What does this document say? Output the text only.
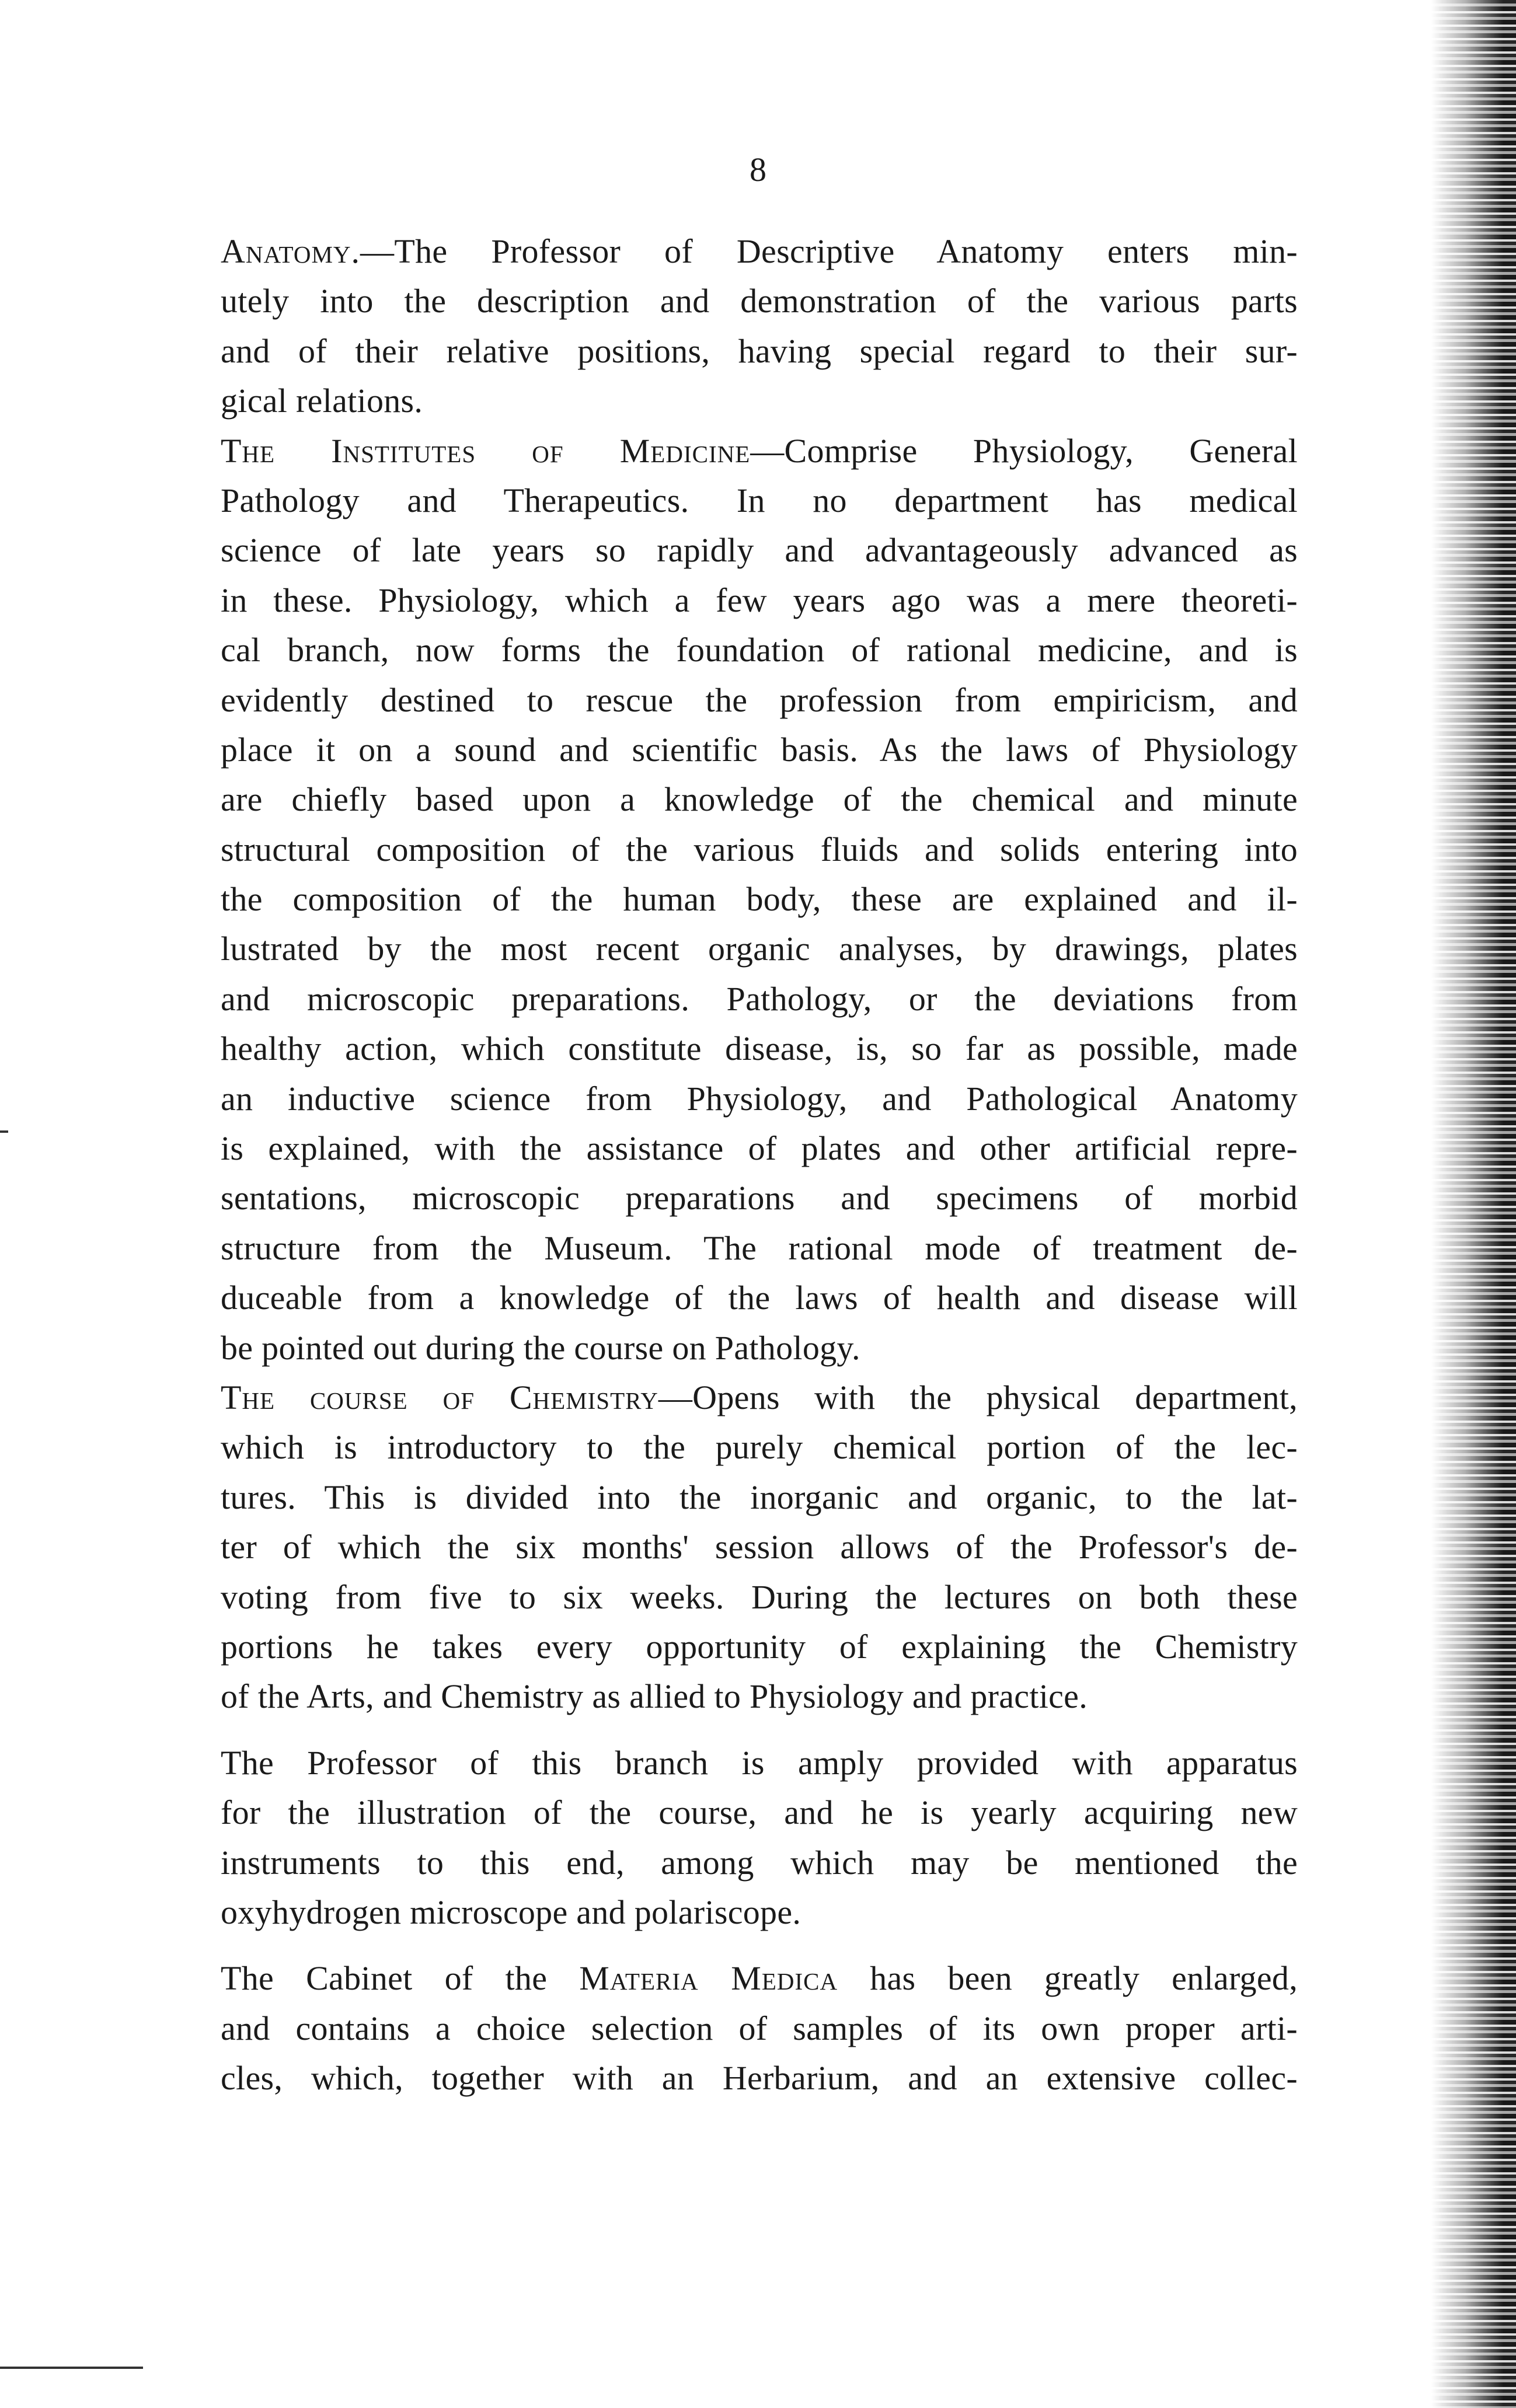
8
Anatomy.—The Professor of Descriptive Anatomy enters min-
utely into the description and demonstration of the various parts
and of their relative positions, having special regard to their sur-
gical relations.
The Institutes of Medicine—Comprise Physiology, General
Pathology and Therapeutics. In no department has medical
science of late years so rapidly and advantageously advanced as
in these. Physiology, which a few years ago was a mere theoreti-
cal branch, now forms the foundation of rational medicine, and is
evidently destined to rescue the profession from empiricism, and
place it on a sound and scientific basis. As the laws of Physiology
are chiefly based upon a knowledge of the chemical and minute
structural composition of the various fluids and solids entering into
the composition of the human body, these are explained and il-
lustrated by the most recent organic analyses, by drawings, plates
and microscopic preparations. Pathology, or the deviations from
healthy action, which constitute disease, is, so far as possible, made
an inductive science from Physiology, and Pathological Anatomy
is explained, with the assistance of plates and other artificial repre-
sentations, microscopic preparations and specimens of morbid
structure from the Museum. The rational mode of treatment de-
duceable from a knowledge of the laws of health and disease will
be pointed out during the course on Pathology.
The course of Chemistry—Opens with the physical department,
which is introductory to the purely chemical portion of the lec-
tures. This is divided into the inorganic and organic, to the lat-
ter of which the six months' session allows of the Professor's de-
voting from five to six weeks. During the lectures on both these
portions he takes every opportunity of explaining the Chemistry
of the Arts, and Chemistry as allied to Physiology and practice.
The Professor of this branch is amply provided with apparatus
for the illustration of the course, and he is yearly acquiring new
instruments to this end, among which may be mentioned the
oxyhydrogen microscope and polariscope.
The Cabinet of the Materia Medica has been greatly enlarged,
and contains a choice selection of samples of its own proper arti-
cles, which, together with an Herbarium, and an extensive collec-
